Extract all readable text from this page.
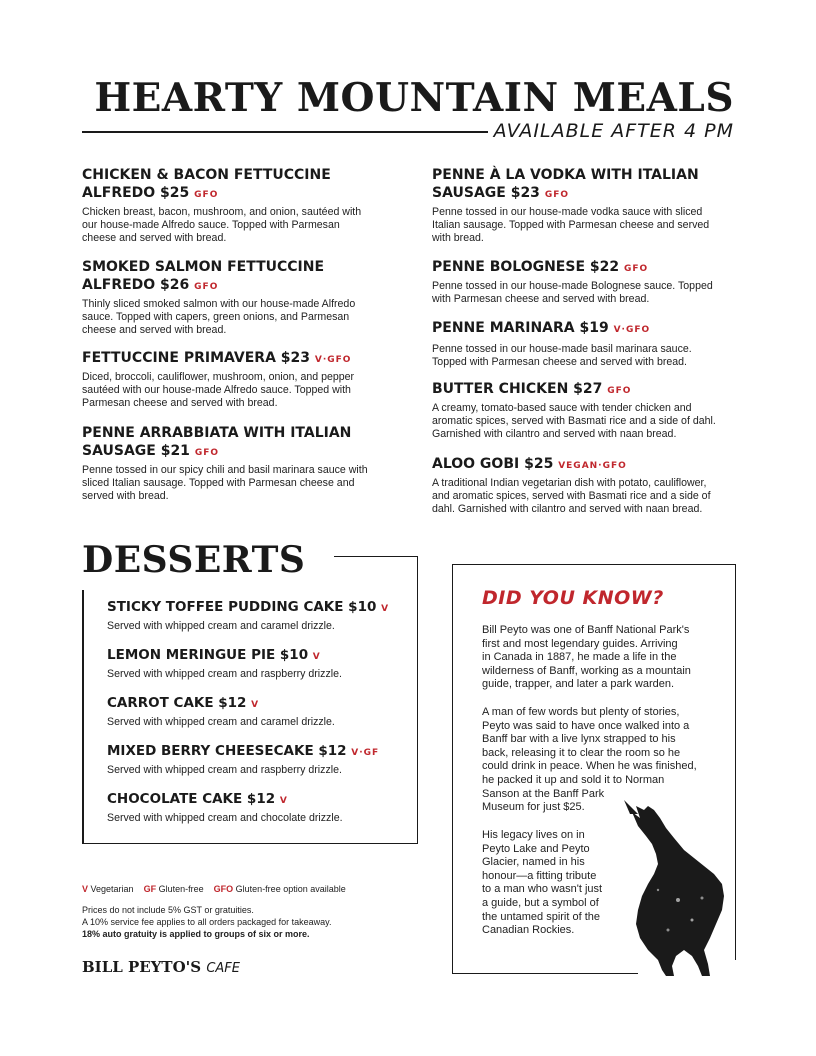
HEARTY MOUNTAIN MEALS
AVAILABLE AFTER 4 PM
CHICKEN & BACON FETTUCCINE
ALFREDO $25 GFO
Chicken breast, bacon, mushroom, and onion, sautéed with
our house-made Alfredo sauce. Topped with Parmesan
cheese and served with bread.
SMOKED SALMON FETTUCCINE
ALFREDO $26 GFO
Thinly sliced smoked salmon with our house-made Alfredo
sauce. Topped with capers, green onions, and Parmesan
cheese and served with bread.
FETTUCCINE PRIMAVERA $23 V·GFO
Diced, broccoli, cauliflower, mushroom, onion, and pepper
sautéed with our house-made Alfredo sauce. Topped with
Parmesan cheese and served with bread.
PENNE ARRABBIATA WITH ITALIAN
SAUSAGE $21 GFO
Penne tossed in our spicy chili and basil marinara sauce with
sliced Italian sausage. Topped with Parmesan cheese and
served with bread.
PENNE À LA VODKA WITH ITALIAN
SAUSAGE $23 GFO
Penne tossed in our house-made vodka sauce with sliced
Italian sausage. Topped with Parmesan cheese and served
with bread.
PENNE BOLOGNESE $22 GFO
Penne tossed in our house-made Bolognese sauce. Topped
with Parmesan cheese and served with bread.
PENNE MARINARA $19 V·GFO
Penne tossed in our house-made basil marinara sauce.
Topped with Parmesan cheese and served with bread.
BUTTER CHICKEN $27 GFO
A creamy, tomato-based sauce with tender chicken and
aromatic spices, served with Basmati rice and a side of dahl.
Garnished with cilantro and served with naan bread.
ALOO GOBI $25 VEGAN·GFO
A traditional Indian vegetarian dish with potato, cauliflower,
and aromatic spices, served with Basmati rice and a side of
dahl. Garnished with cilantro and served with naan bread.
DESSERTS
STICKY TOFFEE PUDDING CAKE $10 V
Served with whipped cream and caramel drizzle.
LEMON MERINGUE PIE $10 V
Served with whipped cream and raspberry drizzle.
CARROT CAKE $12 V
Served with whipped cream and caramel drizzle.
MIXED BERRY CHEESECAKE $12 V·GF
Served with whipped cream and raspberry drizzle.
CHOCOLATE CAKE $12 V
Served with whipped cream and chocolate drizzle.
DID YOU KNOW?
Bill Peyto was one of Banff National Park's
first and most legendary guides. Arriving
in Canada in 1887, he made a life in the
wilderness of Banff, working as a mountain
guide, trapper, and later a park warden.
A man of few words but plenty of stories,
Peyto was said to have once walked into a
Banff bar with a live lynx strapped to his
back, releasing it to clear the room so he
could drink in peace. When he was finished,
he packed it up and sold it to Norman
Sanson at the Banff Park
Museum for just $25.
His legacy lives on in
Peyto Lake and Peyto
Glacier, named in his
honour—a fitting tribute
to a man who wasn't just
a guide, but a symbol of
the untamed spirit of the
Canadian Rockies.
V Vegetarian GF Gluten-free GFO Gluten-free option available
Prices do not include 5% GST or gratuities.
A 10% service fee applies to all orders packaged for takeaway.
18% auto gratuity is applied to groups of six or more.
BILL PEYTO'S CAFE
